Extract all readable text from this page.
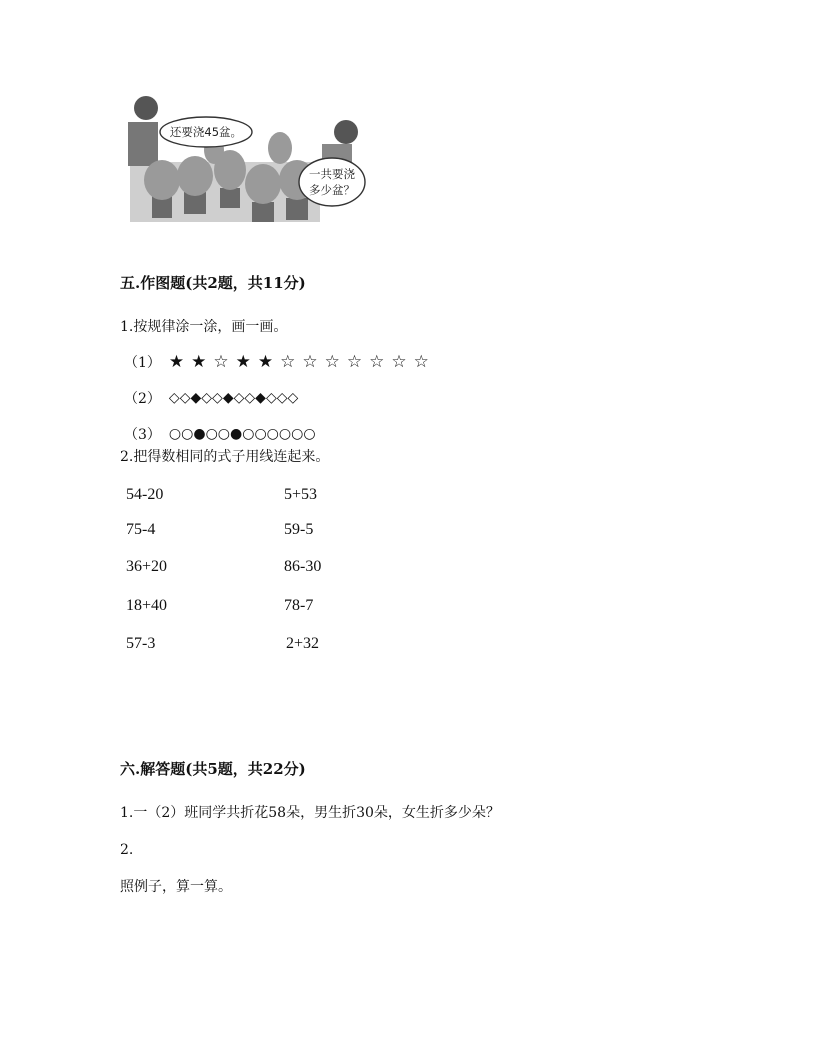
还要浇45盆。
一共要浇
多少盆？
五.作图题(共2题，共11分)
1.按规律涂一涂，画一画。
（1） ★ ★ ☆ ★ ★ ☆ ☆ ☆ ☆ ☆ ☆ ☆
（2） ◇ ◇ ◆ ◇ ◇ ◆ ◇ ◇ ◆ ◇ ◇ ◇
（3） ○ ○ ● ○ ○ ● ○ ○ ○ ○ ○ ○
2.把得数相同的式子用线连起来。
54-20
75-4
36+20
18+40
57-3
5+53
59-5
86-30
78-7
2+32
六.解答题(共5题，共22分)
1.一（2）班同学共折花58朵，男生折30朵，女生折多少朵？
2.
照例子，算一算。
